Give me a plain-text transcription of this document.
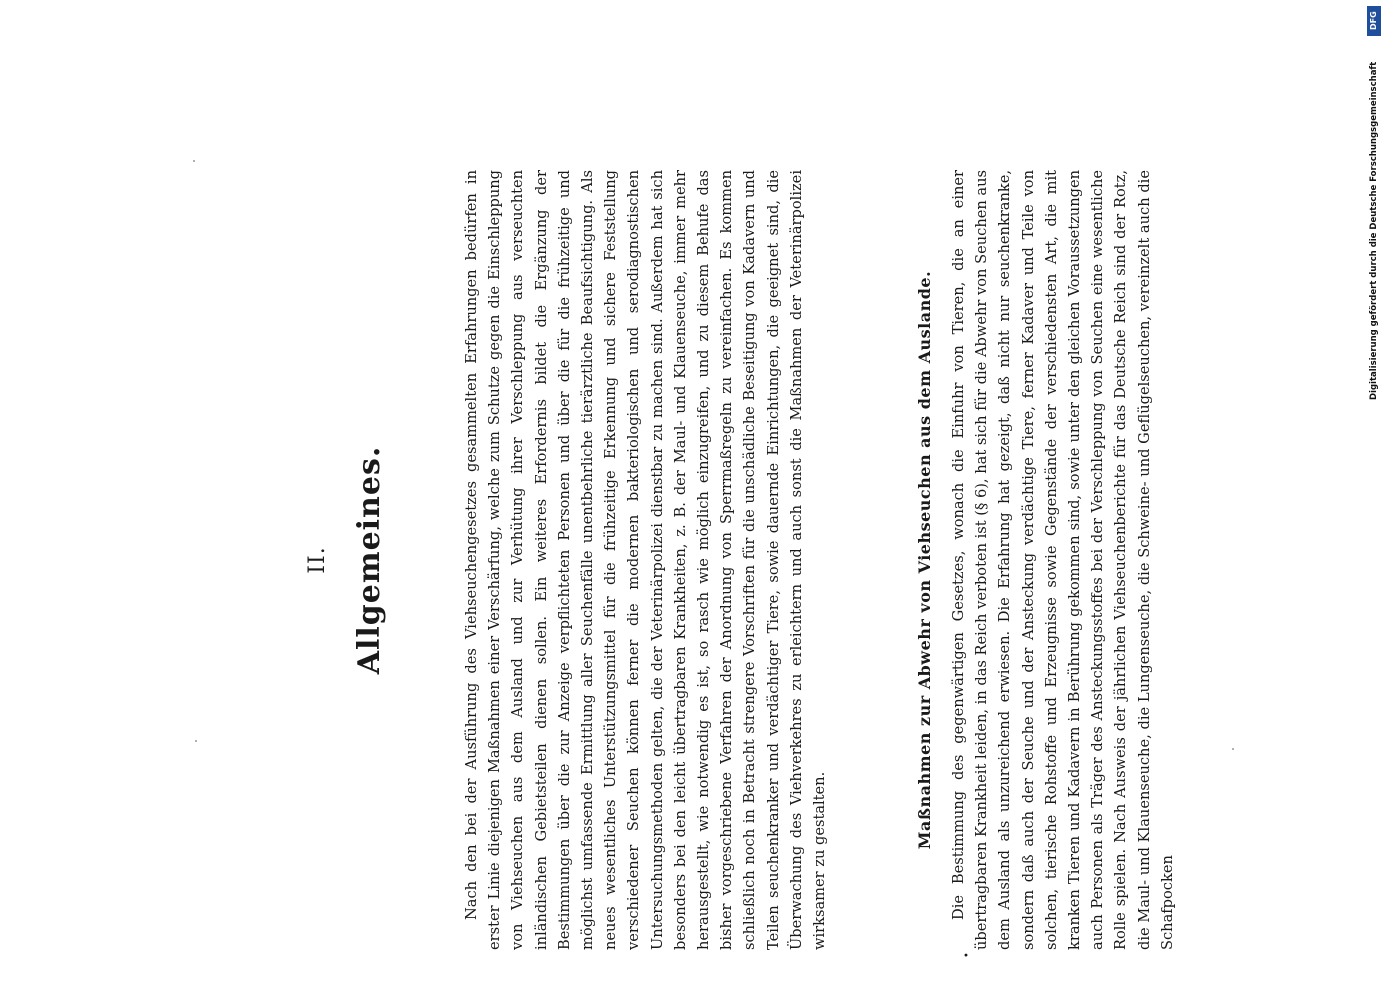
II. Allgemeines.	Nach den bei der Ausführung des Viehseuchengesetzes gesammelten Erfahrungen bedürfen in erster Linie diejenigen Maßnahmen einer Verschärfung, welche zum Schutze gegen die Einschleppung von Viehseuchen aus dem Ausland und zur Verhütung ihrer Verschleppung aus verseuchten inländischen Gebietsteilen dienen sollen. Ein weiteres Erfordernis bildet die Ergänzung der Bestimmungen über die zur Anzeige verpflichteten Personen und über die für die frühzeitige und möglichst umfassende Ermittlung aller Seuchenfälle unentbehrliche tierärztliche Beaufsichtigung. Als neues wesentliches Unterstützungsmittel für die frühzeitige Erkennung und sichere Feststellung verschiedener Seuchen können ferner die modernen bakteriologischen und serodiagnostischen Untersuchungsmethoden gelten, die der Veterinärpolizei dienstbar zu machen sind. Außerdem hat sich besonders bei den leicht übertragbaren Krankheiten, z. B. der Maul- und Klauenseuche, immer mehr herausgestellt, wie notwendig es ist, so rasch wie möglich einzugreifen, und zu diesem Behufe das bisher vorgeschriebene Verfahren der Anordnung von Sperrmaßregeln zu vereinfachen. Es kommen schließlich noch in Betracht strengere Vorschriften für die unschädliche Beseitigung von Kadavern und Teilen seuchenkranker und verdächtiger Tiere, sowie dauernde Einrichtungen, die geeignet sind, die Überwachung des Viehverkehres zu erleichtern und auch sonst die Maßnahmen der Veterinärpolizei wirksamer zu gestalten.

Maßnahmen zur Abwehr von Viehseuchen aus dem Auslande.
•

Die Bestimmung des gegenwärtigen Gesetzes, wonach die Einfuhr von Tieren, die an einer übertragbaren Krankheit leiden, in das Reich verboten ist (§ 6), hat sich für die Abwehr von Seuchen aus dem Ausland als unzureichend erwiesen. Die Erfahrung hat gezeigt, daß nicht nur seuchenkranke, sondern daß auch der Seuche und der Ansteckung verdächtige Tiere, ferner Kadaver und Teile von solchen, tierische Rohstoffe und Erzeugnisse sowie Gegenstände der verschiedensten Art, die mit kranken Tieren und Kadavern in Berührung gekommen sind, sowie unter den gleichen Voraussetzungen auch Personen als Träger des Ansteckungsstoffes bei der Verschleppung von Seuchen eine wesentliche Rolle spielen. Nach Ausweis der jährlichen Viehseuchenberichte für das Deutsche Reich sind der Rotz, die Maul- und Klauenseuche, die Lungenseuche, die Schweine- und Geflügelseuchen, vereinzelt auch die Schafpocken

DFG
Digitalisierung gefördert durch die Deutsche Forschungsgemeinschaft
